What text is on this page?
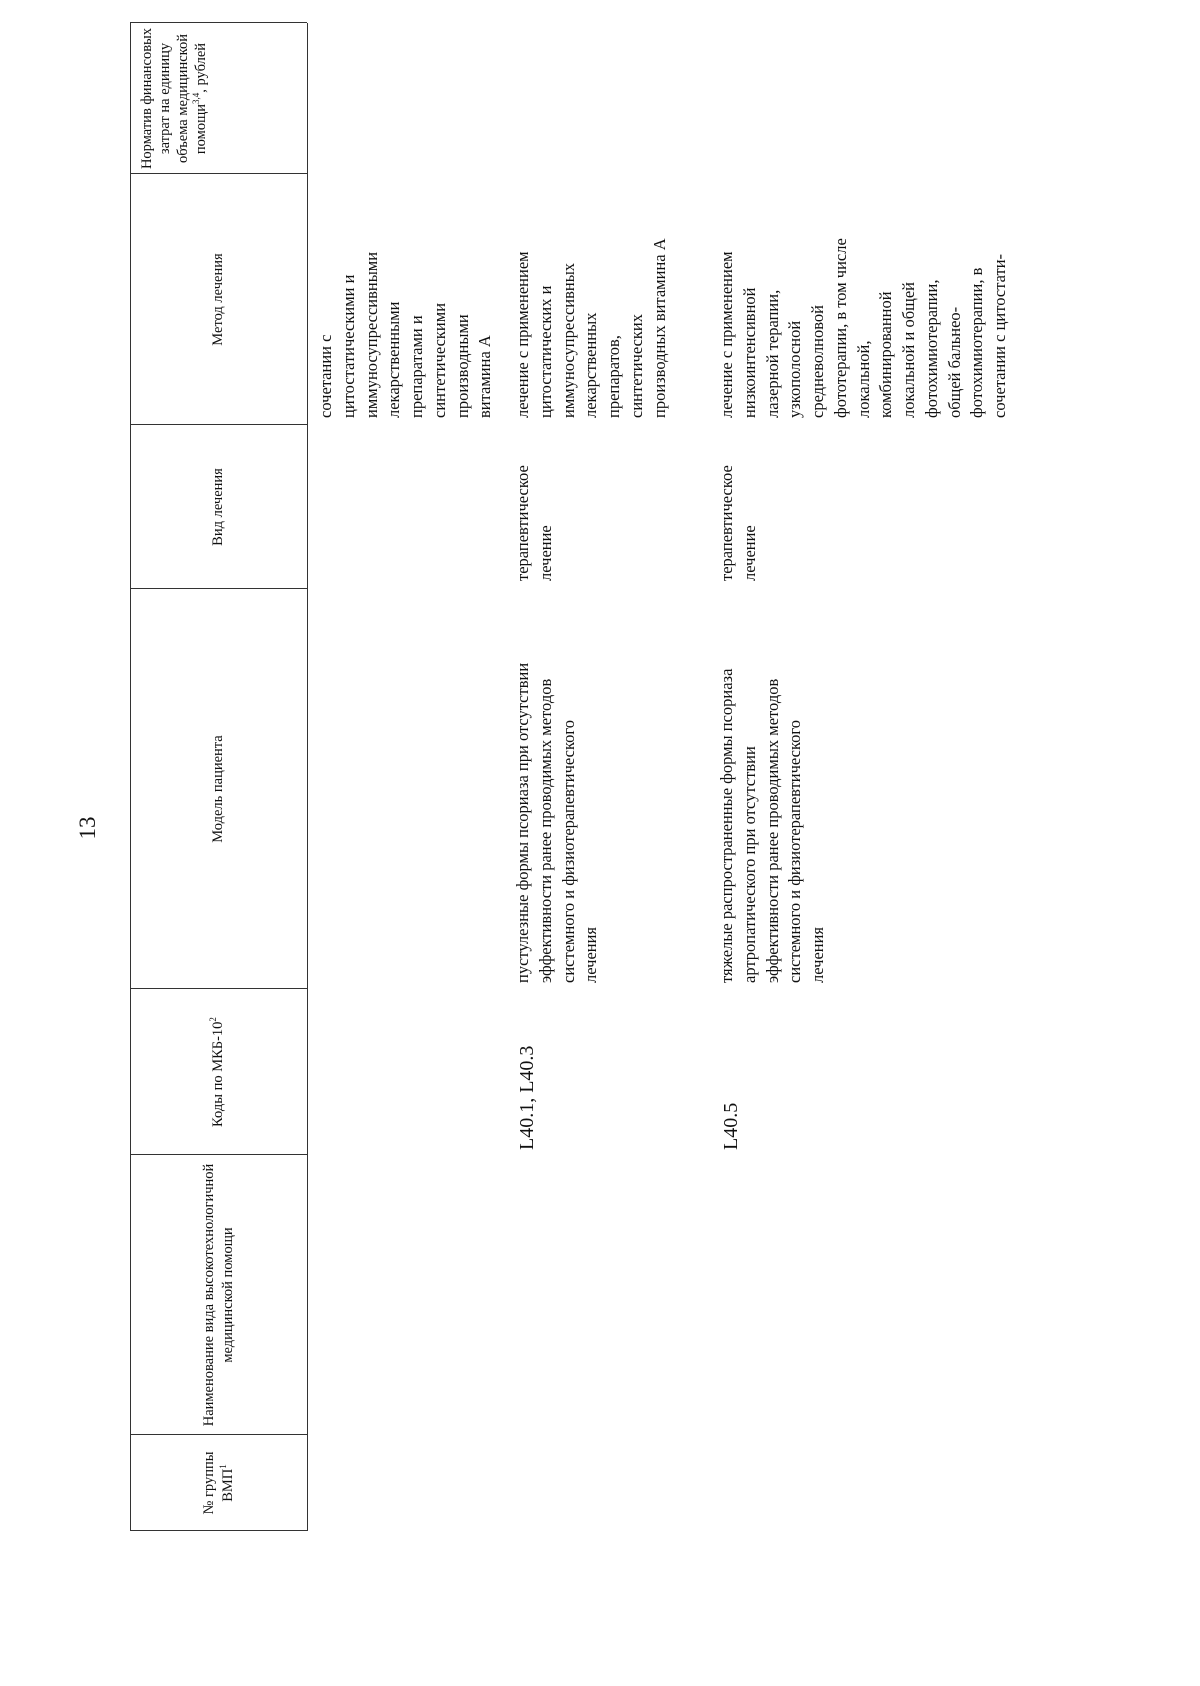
13
№ группы ВМП$^1$
Наименование вида высокотехнологичной медицинской помощи
Коды по МКБ-$10^2$
Модель пациента
Вид лечения
Метод лечения
Норматив финансовых затрат на единицу объема медицинской помощи$^{3,4}$, рублей
сочетании с цитостатическими и иммуносупрессивными лекарственными препаратами и синтетическими производными витамина А
L40.1, L40.3
пустулезные формы псориаза при отсутствии эффективности ранее проводимых методов системного и физиотерапевтического лечения
терапевтическое лечение
лечение с применением цитостатических и иммуносупрессивных лекарственных препаратов, синтетических производных витамина А
L40.5
тяжелые распространенные формы псориаза артропатического при отсутствии эффективности ранее проводимых методов системного и физиотерапевтического лечения
терапевтическое лечение
лечение с применением низкоинтенсивной лазерной терапии, узкополосной средневолновой фототерапии, в том числе локальной, комбинированной локальной и общей фотохимиотерапии, общей бальнео- фотохимиотерапии, в сочетании с цитостати-
